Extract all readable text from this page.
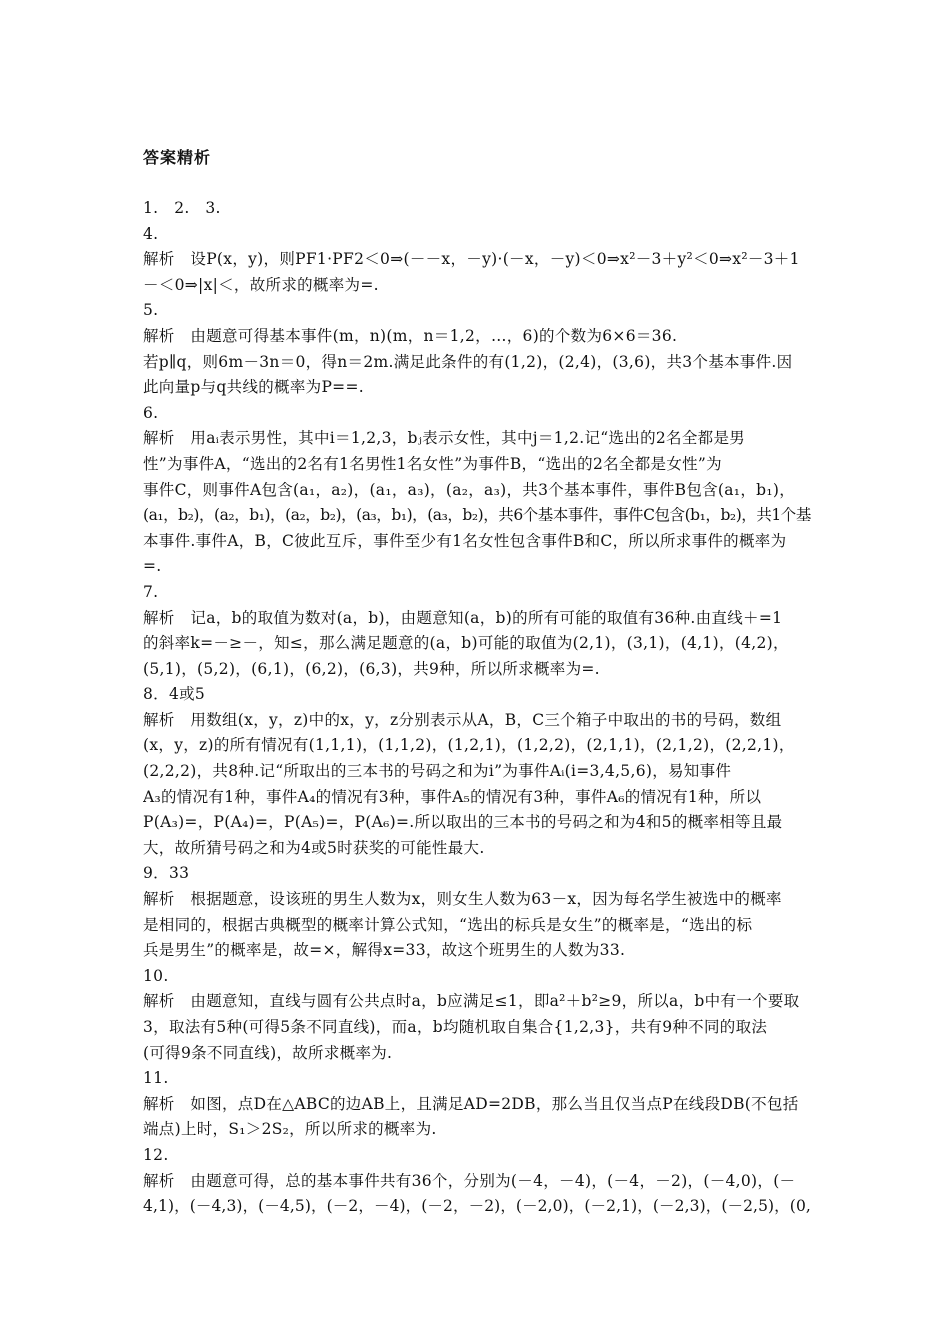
答案精析
1.　2.　3.
4.
解析　设P(x，y)，则PF1·PF2＜0⇒(－－x，－y)·(－x，－y)＜0⇒x²－3＋y²＜0⇒x²－3＋1
－＜0⇒|x|＜，故所求的概率为=.
5.
解析　由题意可得基本事件(m，n)(m，n＝1,2，…，6)的个数为6×6＝36.
若p∥q，则6m－3n＝0，得n＝2m.满足此条件的有(1,2)，(2,4)，(3,6)，共3个基本事件.因
此向量p与q共线的概率为P==.
6.
解析　用aᵢ表示男性，其中i＝1,2,3，bⱼ表示女性，其中j＝1,2.记“选出的2名全都是男
性”为事件A，“选出的2名有1名男性1名女性”为事件B，“选出的2名全都是女性”为
事件C，则事件A包含(a₁，a₂)，(a₁，a₃)，(a₂，a₃)，共3个基本事件，事件B包含(a₁，b₁)，
(a₁，b₂)，(a₂，b₁)，(a₂，b₂)，(a₃，b₁)，(a₃，b₂)，共6个基本事件，事件C包含(b₁，b₂)，共1个基
本事件.事件A，B，C彼此互斥，事件至少有1名女性包含事件B和C，所以所求事件的概率为
=.
7.
解析　记a，b的取值为数对(a，b)，由题意知(a，b)的所有可能的取值有36种.由直线＋=1
的斜率k=－≥－，知≤，那么满足题意的(a，b)可能的取值为(2,1)，(3,1)，(4,1)，(4,2)，
(5,1)，(5,2)，(6,1)，(6,2)，(6,3)，共9种，所以所求概率为=.
8．4或5
解析　用数组(x，y，z)中的x，y，z分别表示从A，B，C三个箱子中取出的书的号码，数组
(x，y，z)的所有情况有(1,1,1)，(1,1,2)，(1,2,1)，(1,2,2)，(2,1,1)，(2,1,2)，(2,2,1)，
(2,2,2)，共8种.记“所取出的三本书的号码之和为i”为事件Aᵢ(i=3,4,5,6)，易知事件
A₃的情况有1种，事件A₄的情况有3种，事件A₅的情况有3种，事件A₆的情况有1种，所以
P(A₃)=，P(A₄)=，P(A₅)=，P(A₆)=.所以取出的三本书的号码之和为4和5的概率相等且最
大，故所猜号码之和为4或5时获奖的可能性最大.
9．33
解析　根据题意，设该班的男生人数为x，则女生人数为63－x，因为每名学生被选中的概率
是相同的，根据古典概型的概率计算公式知，“选出的标兵是女生”的概率是，“选出的标
兵是男生”的概率是，故=×，解得x=33，故这个班男生的人数为33.
10.
解析　由题意知，直线与圆有公共点时a，b应满足≤1，即a²＋b²≥9，所以a，b中有一个要取
3，取法有5种(可得5条不同直线)，而a，b均随机取自集合{1,2,3}，共有9种不同的取法
(可得9条不同直线)，故所求概率为.
11.
解析　如图，点D在△ABC的边AB上，且满足AD=2DB，那么当且仅当点P在线段DB(不包括
端点)上时，S₁＞2S₂，所以所求的概率为.
12.
解析　由题意可得，总的基本事件共有36个，分别为(－4，－4)，(－4，－2)，(－4,0)，(－
4,1)，(－4,3)，(－4,5)，(－2，－4)，(－2，－2)，(－2,0)，(－2,1)，(－2,3)，(－2,5)，(0,
